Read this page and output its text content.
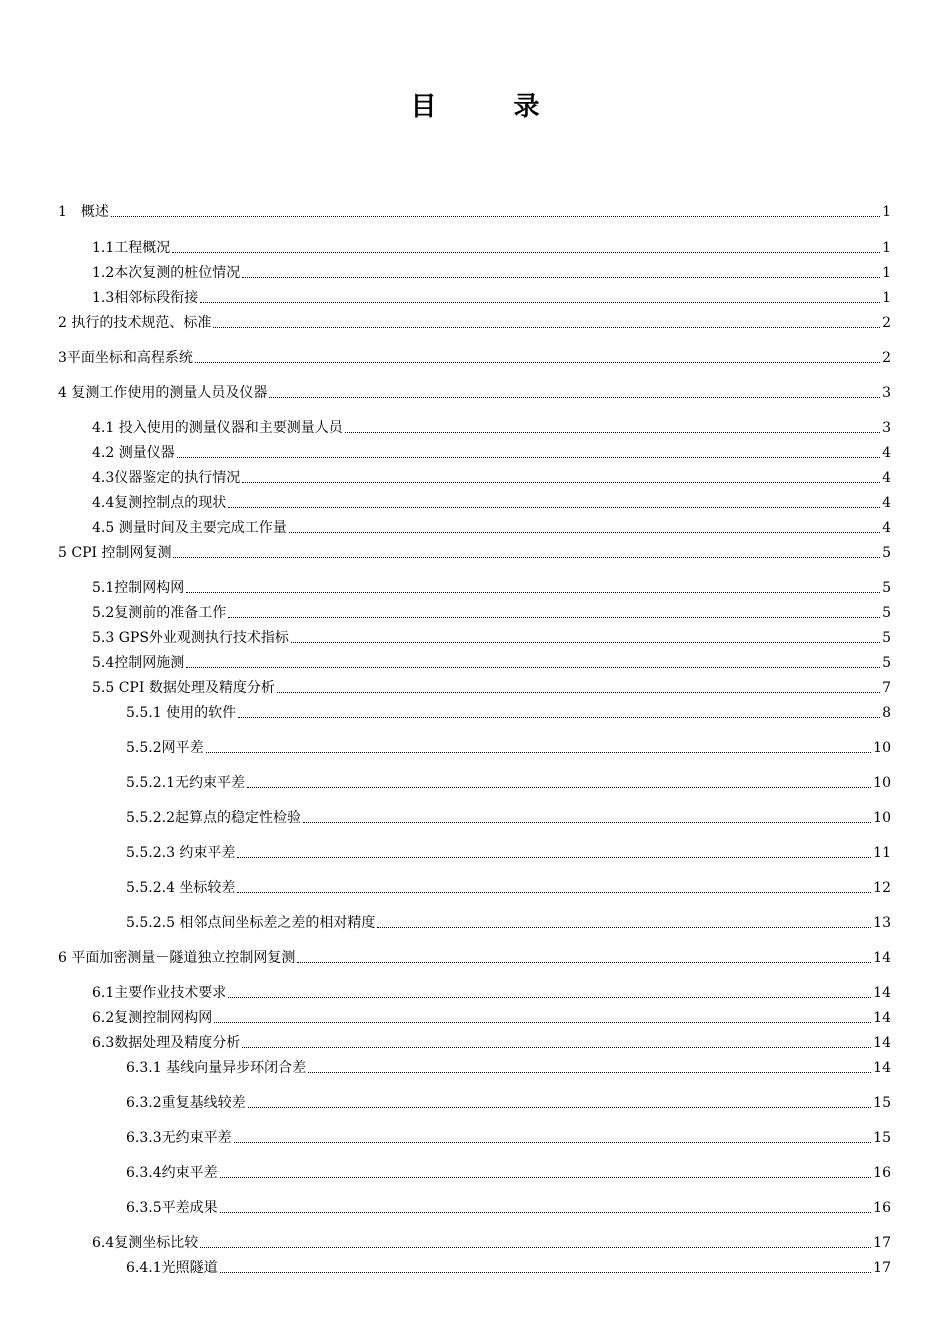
目 录
1　概述	1
1.1工程概况	1
1.2本次复测的桩位情况	1
1.3相邻标段衔接	1
2 执行的技术规范、标准	2
3平面坐标和高程系统	2
4 复测工作使用的测量人员及仪器	3
4.1 投入使用的测量仪器和主要测量人员	3
4.2 测量仪器	4
4.3仪器鉴定的执行情况	4
4.4复测控制点的现状	4
4.5 测量时间及主要完成工作量	4
5 CPⅠ 控制网复测	5
5.1控制网构网	5
5.2复测前的准备工作	5
5.3 GPS外业观测执行技术指标	5
5.4控制网施测	5
5.5 CPⅠ 数据处理及精度分析	7
5.5.1 使用的软件	8
5.5.2网平差	10
5.5.2.1无约束平差	10
5.5.2.2起算点的稳定性检验	10
5.5.2.3 约束平差	11
5.5.2.4 坐标较差	12
5.5.2.5 相邻点间坐标差之差的相对精度	13
6 平面加密测量－隧道独立控制网复测	14
6.1主要作业技术要求	14
6.2复测控制网构网	14
6.3数据处理及精度分析	14
6.3.1 基线向量异步环闭合差	14
6.3.2重复基线较差	15
6.3.3无约束平差	15
6.3.4约束平差	16
6.3.5平差成果	16
6.4复测坐标比较	17
6.4.1光照隧道	17
